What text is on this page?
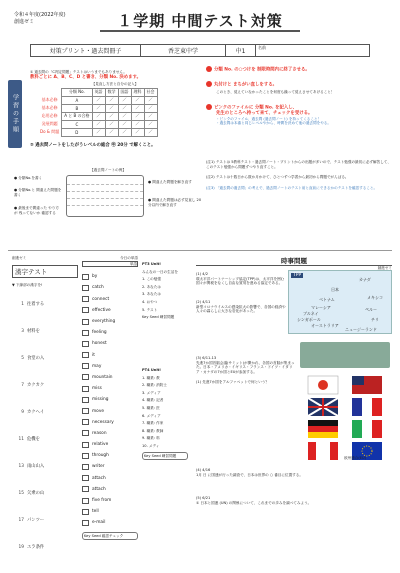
令和４年度(2022年度)
創進ゼミ	１学期 中間テスト対策
対策プリント・過去問冊子	香芝東中学	中1
名前
学習の手順
① 過去問の「C判定問題」テストはいうまでもありません。
教科ごとに A、B、C、D と書き、分類 No. 決めます。
【見直し方法と自分の記入】
	分類 No.	英語	数学	国語	理科	社会
基本必修	A	／	／	／	／	／
基本必修	B	／	／	／	／	／
応用必修	A と B の合格	／	／	／	／	／
発展問題	C	／	／	／	／	／
Do & 問題	D	／	／	／	／	／
② 過去問ノートをしたがうレベルの総合 ㊥ 20分 で解くこと。
【過去問ノートの例】
● 分類No.を書く
● 分類No.と 間違えた問題を 書く
● 最後まで間違った やり方が 残ってないか 確認する
● 間違えた問題を解き直す
● 間違えた問題は必ず見直し 20分以内で解き直す
分類 No. の○つけを 制限時間内に終了させる。
丸付けと まちがい直しをする。
このとき、覚えていなかったことを何度も繰って覚えさせてあげること！
ピンクのファイルに 分類 No. を記入し、
先生のところへ持って来て、チェックを受ける。
・ピンクのファイル、過去問 (過去問ノート) を持ってくること！
・過去問は本番と同じレベルやから、時間を決めて他の過去問をやる。
(注1) テストは 5教科テスト・過去問ノート・プリントからの出題が多いので、テスト勉強の最初に必ず解答して、このテスト勉強から問題ずつやり直すこと。
(注2) テストは十数日から数か月かけて、ひとつずつ学習から最初から問題でがんばる。
(注3) 「過去問の過去問」の考えで、過去問ノートのテスト前と直前にできるかのテストを確認すること。
創進ゼミ
漢字テスト
▼ 下線部の漢字を!
1 往着する
3 材料を
5 食堂の入
7 カクカク
9 カクヘイ
11 危機を
13 雨山山入
15 欠乗の山
17 パンツー
19 エラ条件
今日の単語
単語
by
catch
connect
effective
everything
feeling
honest
it
may
mountain
miss
missing
move
necessary
reason
relative
through
writer
attach
attach
five from
tell
e-mail
Key Seed 確認チェック
PT3 Unit!
みんなの一日の生活を
1. この勉強
2. あなたは
3. あなたは
4. おやつ
5. テスト
Key Seed 練習問題
PT4 Unit!
1. 職業: 教
2. 職業: 消防士
3. メディア
4. 職業: 記者
5. 職業: 医
6. メディア
7. 職業: 作家
8. 職業: 教師
9. 職業: 料
10. メディ
Key Seed 練習問題
時事問題
創進ゼミ
TPP
カナダ
日本
ベトナム
マレーシア
ブルネイ
シンガポール
オーストラリア
ニュージーランド
メキシコ
チリ
ペルー
(1) 4/2
環太平洋パートナーシップ協定(TPP)は、太平洋を囲む国々が関税をなくし自由な貿易を進める協定である。
(2) 4/11
新型コロナウイルスの感染拡大の影響で、各国の経済や人々の暮らしに大きな変化があった。
(3) 6/11-13
先進7か国首脳会議(サミット)が開かれ、各国の首脳が集まった。日本・アメリカ・イギリス・フランス・ドイツ・イタリア・カナダの7か国とEUが参加する。
(1) 先進7か国をアルファベットで何という？
欧州連合(EU)
(4) 4/16
1月 日 に国連が行った調査で、日本は世界の ○ 番目に位置する。
(5) 6/21
① 日本と国連 (UN) の関係について、これまでの歩みを調べてみよう。
